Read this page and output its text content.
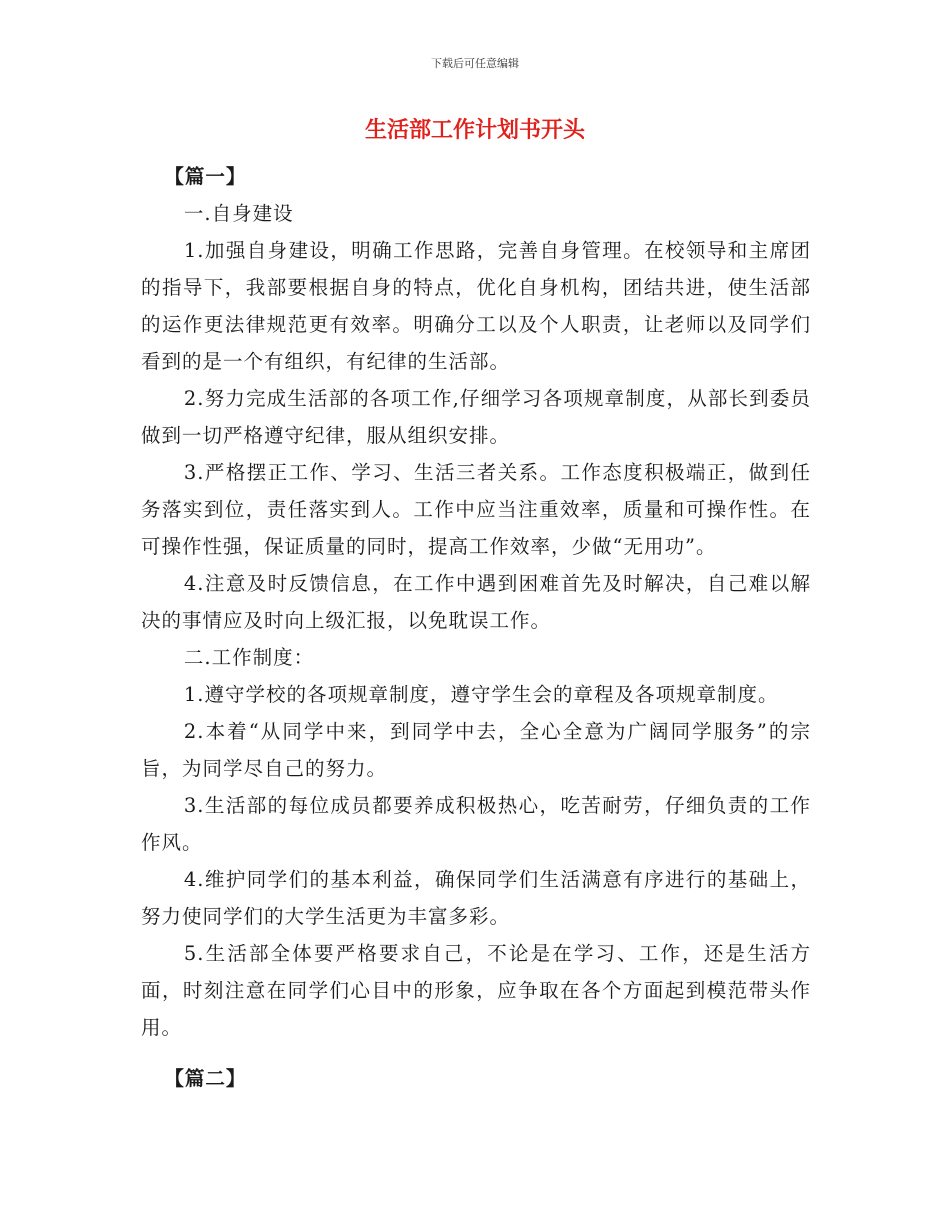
下载后可任意编辑
生活部工作计划书开头

【篇一】

一.自身建设

1.加强自身建设，明确工作思路，完善自身管理。在校领导和主席团的指导下，我部要根据自身的特点，优化自身机构，团结共进，使生活部的运作更法律规范更有效率。明确分工以及个人职责，让老师以及同学们看到的是一个有组织，有纪律的生活部。

2.努力完成生活部的各项工作,仔细学习各项规章制度，从部长到委员做到一切严格遵守纪律，服从组织安排。

3.严格摆正工作、学习、生活三者关系。工作态度积极端正，做到任务落实到位，责任落实到人。工作中应当注重效率，质量和可操作性。在可操作性强，保证质量的同时，提高工作效率，少做“无用功”。

4.注意及时反馈信息，在工作中遇到困难首先及时解决，自己难以解决的事情应及时向上级汇报，以免耽误工作。

二.工作制度：

1.遵守学校的各项规章制度，遵守学生会的章程及各项规章制度。

2.本着“从同学中来，到同学中去，全心全意为广阔同学服务”的宗旨，为同学尽自己的努力。

3.生活部的每位成员都要养成积极热心，吃苦耐劳，仔细负责的工作作风。

4.维护同学们的基本利益，确保同学们生活满意有序进行的基础上，努力使同学们的大学生活更为丰富多彩。

5.生活部全体要严格要求自己，不论是在学习、工作，还是生活方面，时刻注意在同学们心目中的形象，应争取在各个方面起到模范带头作用。

【篇二】
